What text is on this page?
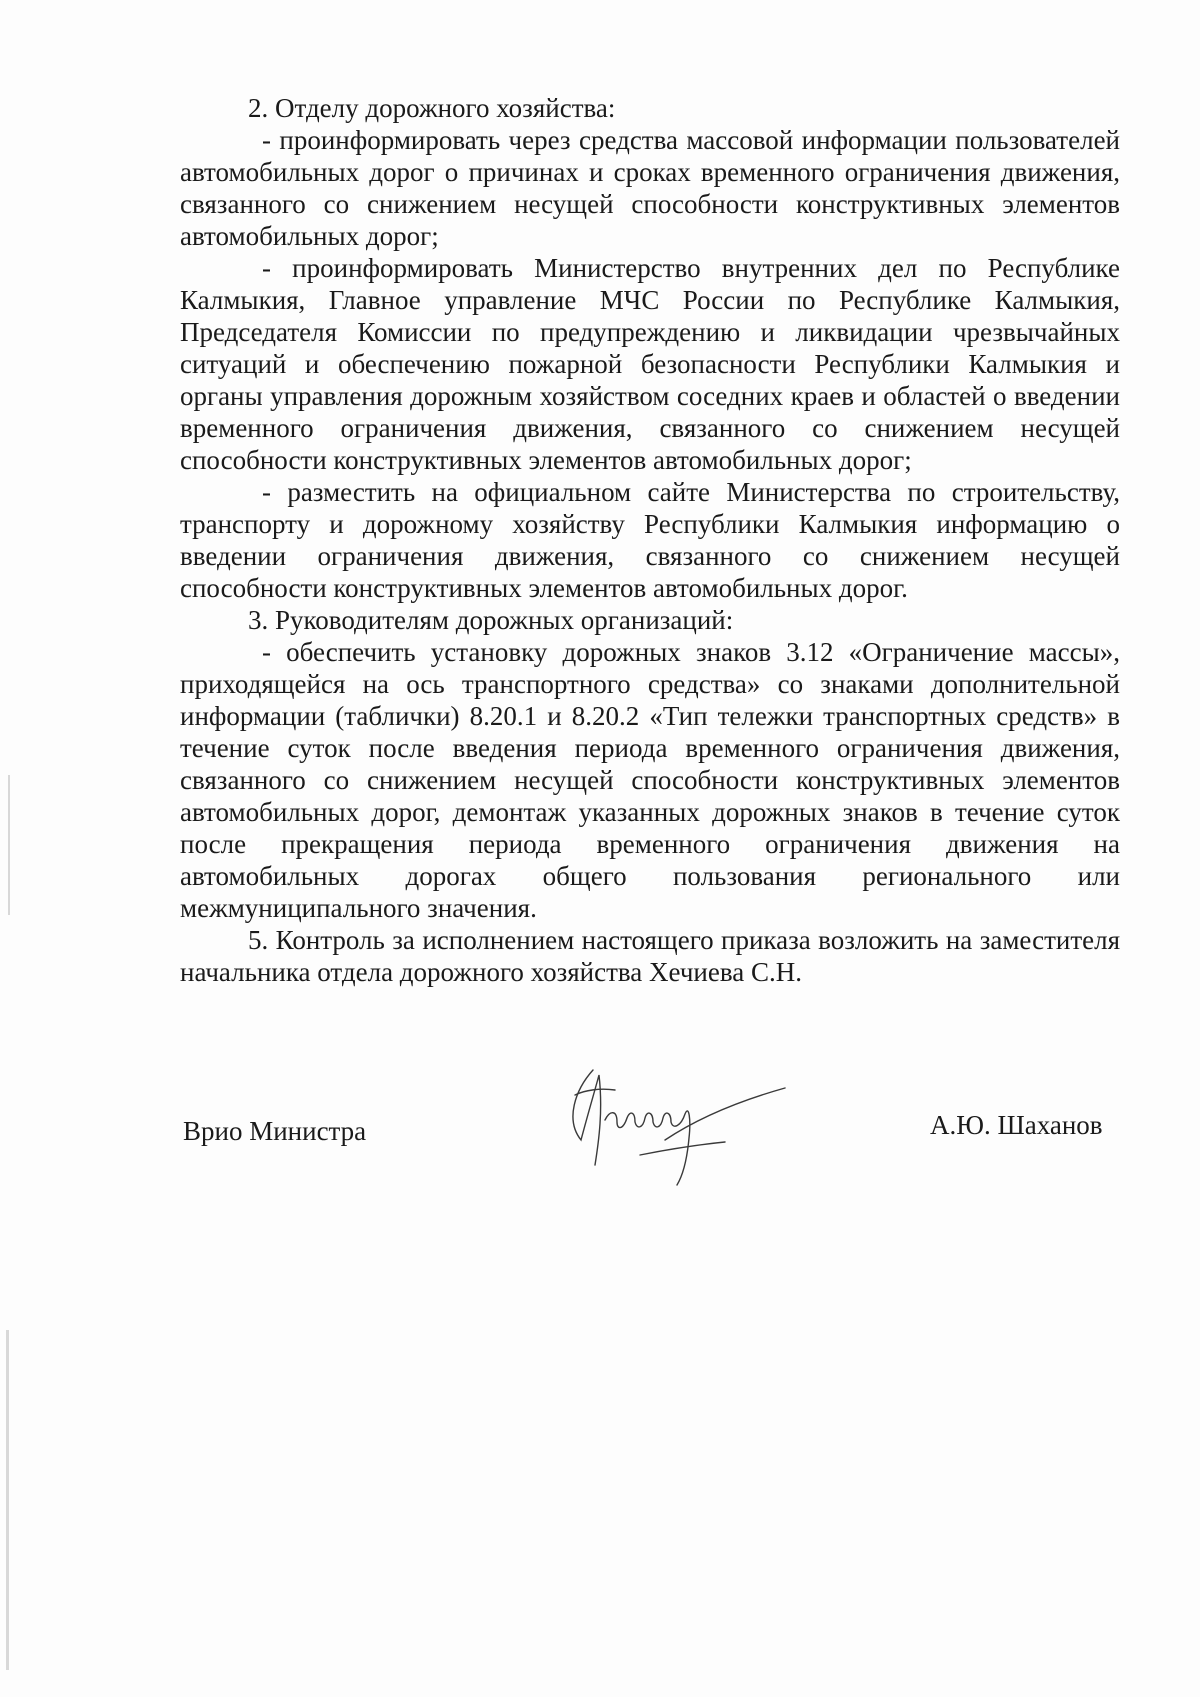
2. Отделу дорожного хозяйства:

- проинформировать через средства массовой информации пользователей автомобильных дорог о причинах и сроках временного ограничения движения, связанного со снижением несущей способности конструктивных элементов автомобильных дорог;

- проинформировать Министерство внутренних дел по Республике Калмыкия, Главное управление МЧС России по Республике Калмыкия, Председателя Комиссии по предупреждению и ликвидации чрезвычайных ситуаций и обеспечению пожарной безопасности Республики Калмыкия и органы управления дорожным хозяйством соседних краев и областей о введении временного ограничения движения, связанного со снижением несущей способности конструктивных элементов автомобильных дорог;

- разместить на официальном сайте Министерства по строительству, транспорту и дорожному хозяйству Республики Калмыкия информацию о введении ограничения движения, связанного со снижением несущей способности конструктивных элементов автомобильных дорог.

3. Руководителям дорожных организаций:

- обеспечить установку дорожных знаков 3.12 «Ограничение массы», приходящейся на ось транспортного средства» со знаками дополнительной информации (таблички) 8.20.1 и 8.20.2 «Тип тележки транспортных средств» в течение суток после введения периода временного ограничения движения, связанного со снижением несущей способности конструктивных элементов автомобильных дорог, демонтаж указанных дорожных знаков в течение суток после прекращения периода временного ограничения движения на автомобильных дорогах общего пользования регионального или межмуниципального значения.

5. Контроль за исполнением настоящего приказа возложить на заместителя начальника отдела дорожного хозяйства Хечиева С.Н.

Врио Министра	А.Ю. Шаханов
